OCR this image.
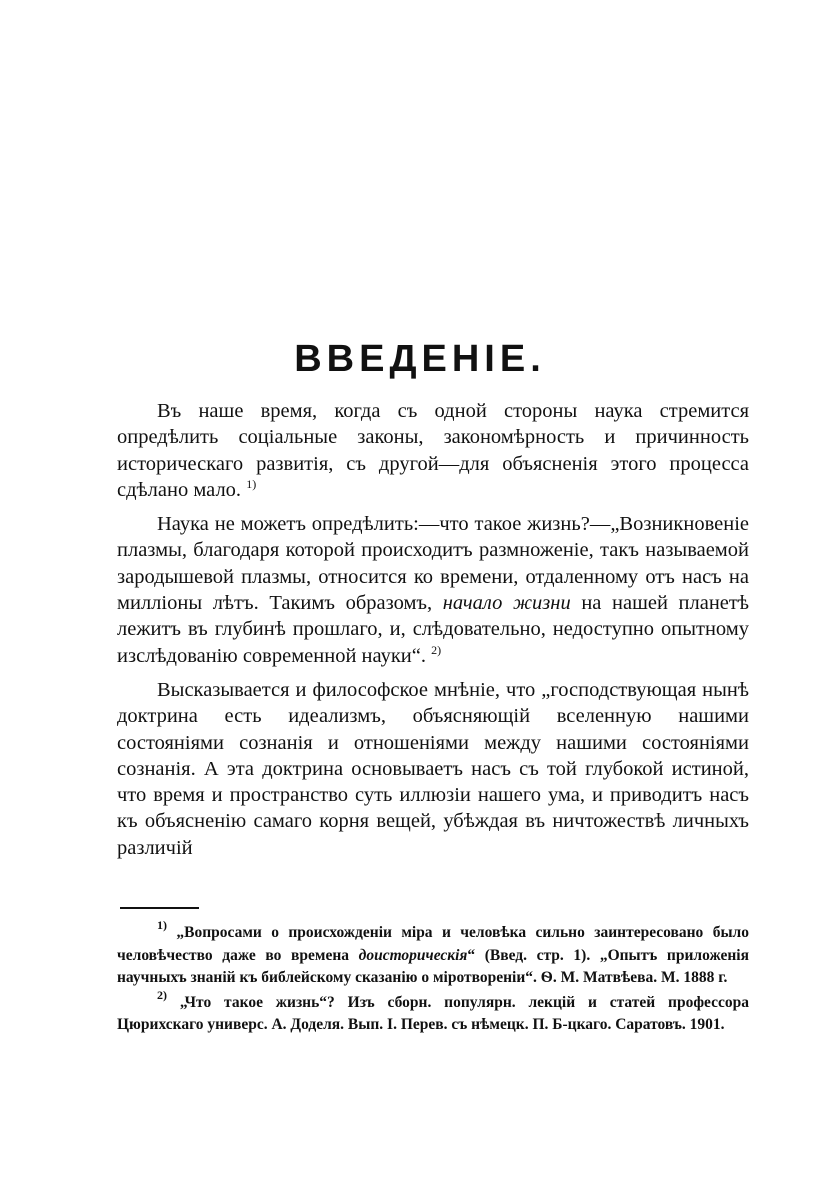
ВВЕДЕНIЕ.

Въ наше время, когда съ одной стороны наука стремится опредѣлить соціальные законы, закономѣрность и причинность историческаго развитія, съ другой—для объясненія этого процесса сдѣлано мало. $^{1)}$

Наука не можетъ опредѣлить:—что такое жизнь?—„Возникновеніе плазмы, благодаря которой происходитъ размноженіе, такъ называемой зародышевой плазмы, относится ко времени, отдаленному отъ насъ на милліоны лѣтъ. Такимъ образомъ, начало жизни на нашей планетѣ лежитъ въ глубинѣ прошлаго, и, слѣдовательно, недоступно опытному изслѣдованію современной науки“. $^{2)}$

Высказывается и философское мнѣніе, что „господствующая нынѣ доктрина есть идеализмъ, объясняющій вселенную нашими состояніями сознанія и отношеніями между нашими состояніями сознанія. А эта доктрина основываетъ насъ съ той глубокой истиной, что время и пространство суть иллюзіи нашего ума, и приводитъ насъ къ объясненію самаго корня вещей, убѣждая въ ничтожествѣ личныхъ различій

$^{1)}$ „Вопросами о происхожденіи міра и человѣка сильно заинтересовано было человѣчество даже во времена доисторическія“ (Введ. стр. 1). „Опытъ приложенія научныхъ знаній къ библейскому сказанію о міротвореніи“. Ѳ. М. Матвѣева. М. 1888 г.

$^{2)}$ „Что такое жизнь“? Изъ сборн. популярн. лекцій и статей профессора Цюрихскаго универс. А. Доделя. Вып. I. Перев. съ нѣмецк. П. Б-цкаго. Саратовъ. 1901.
